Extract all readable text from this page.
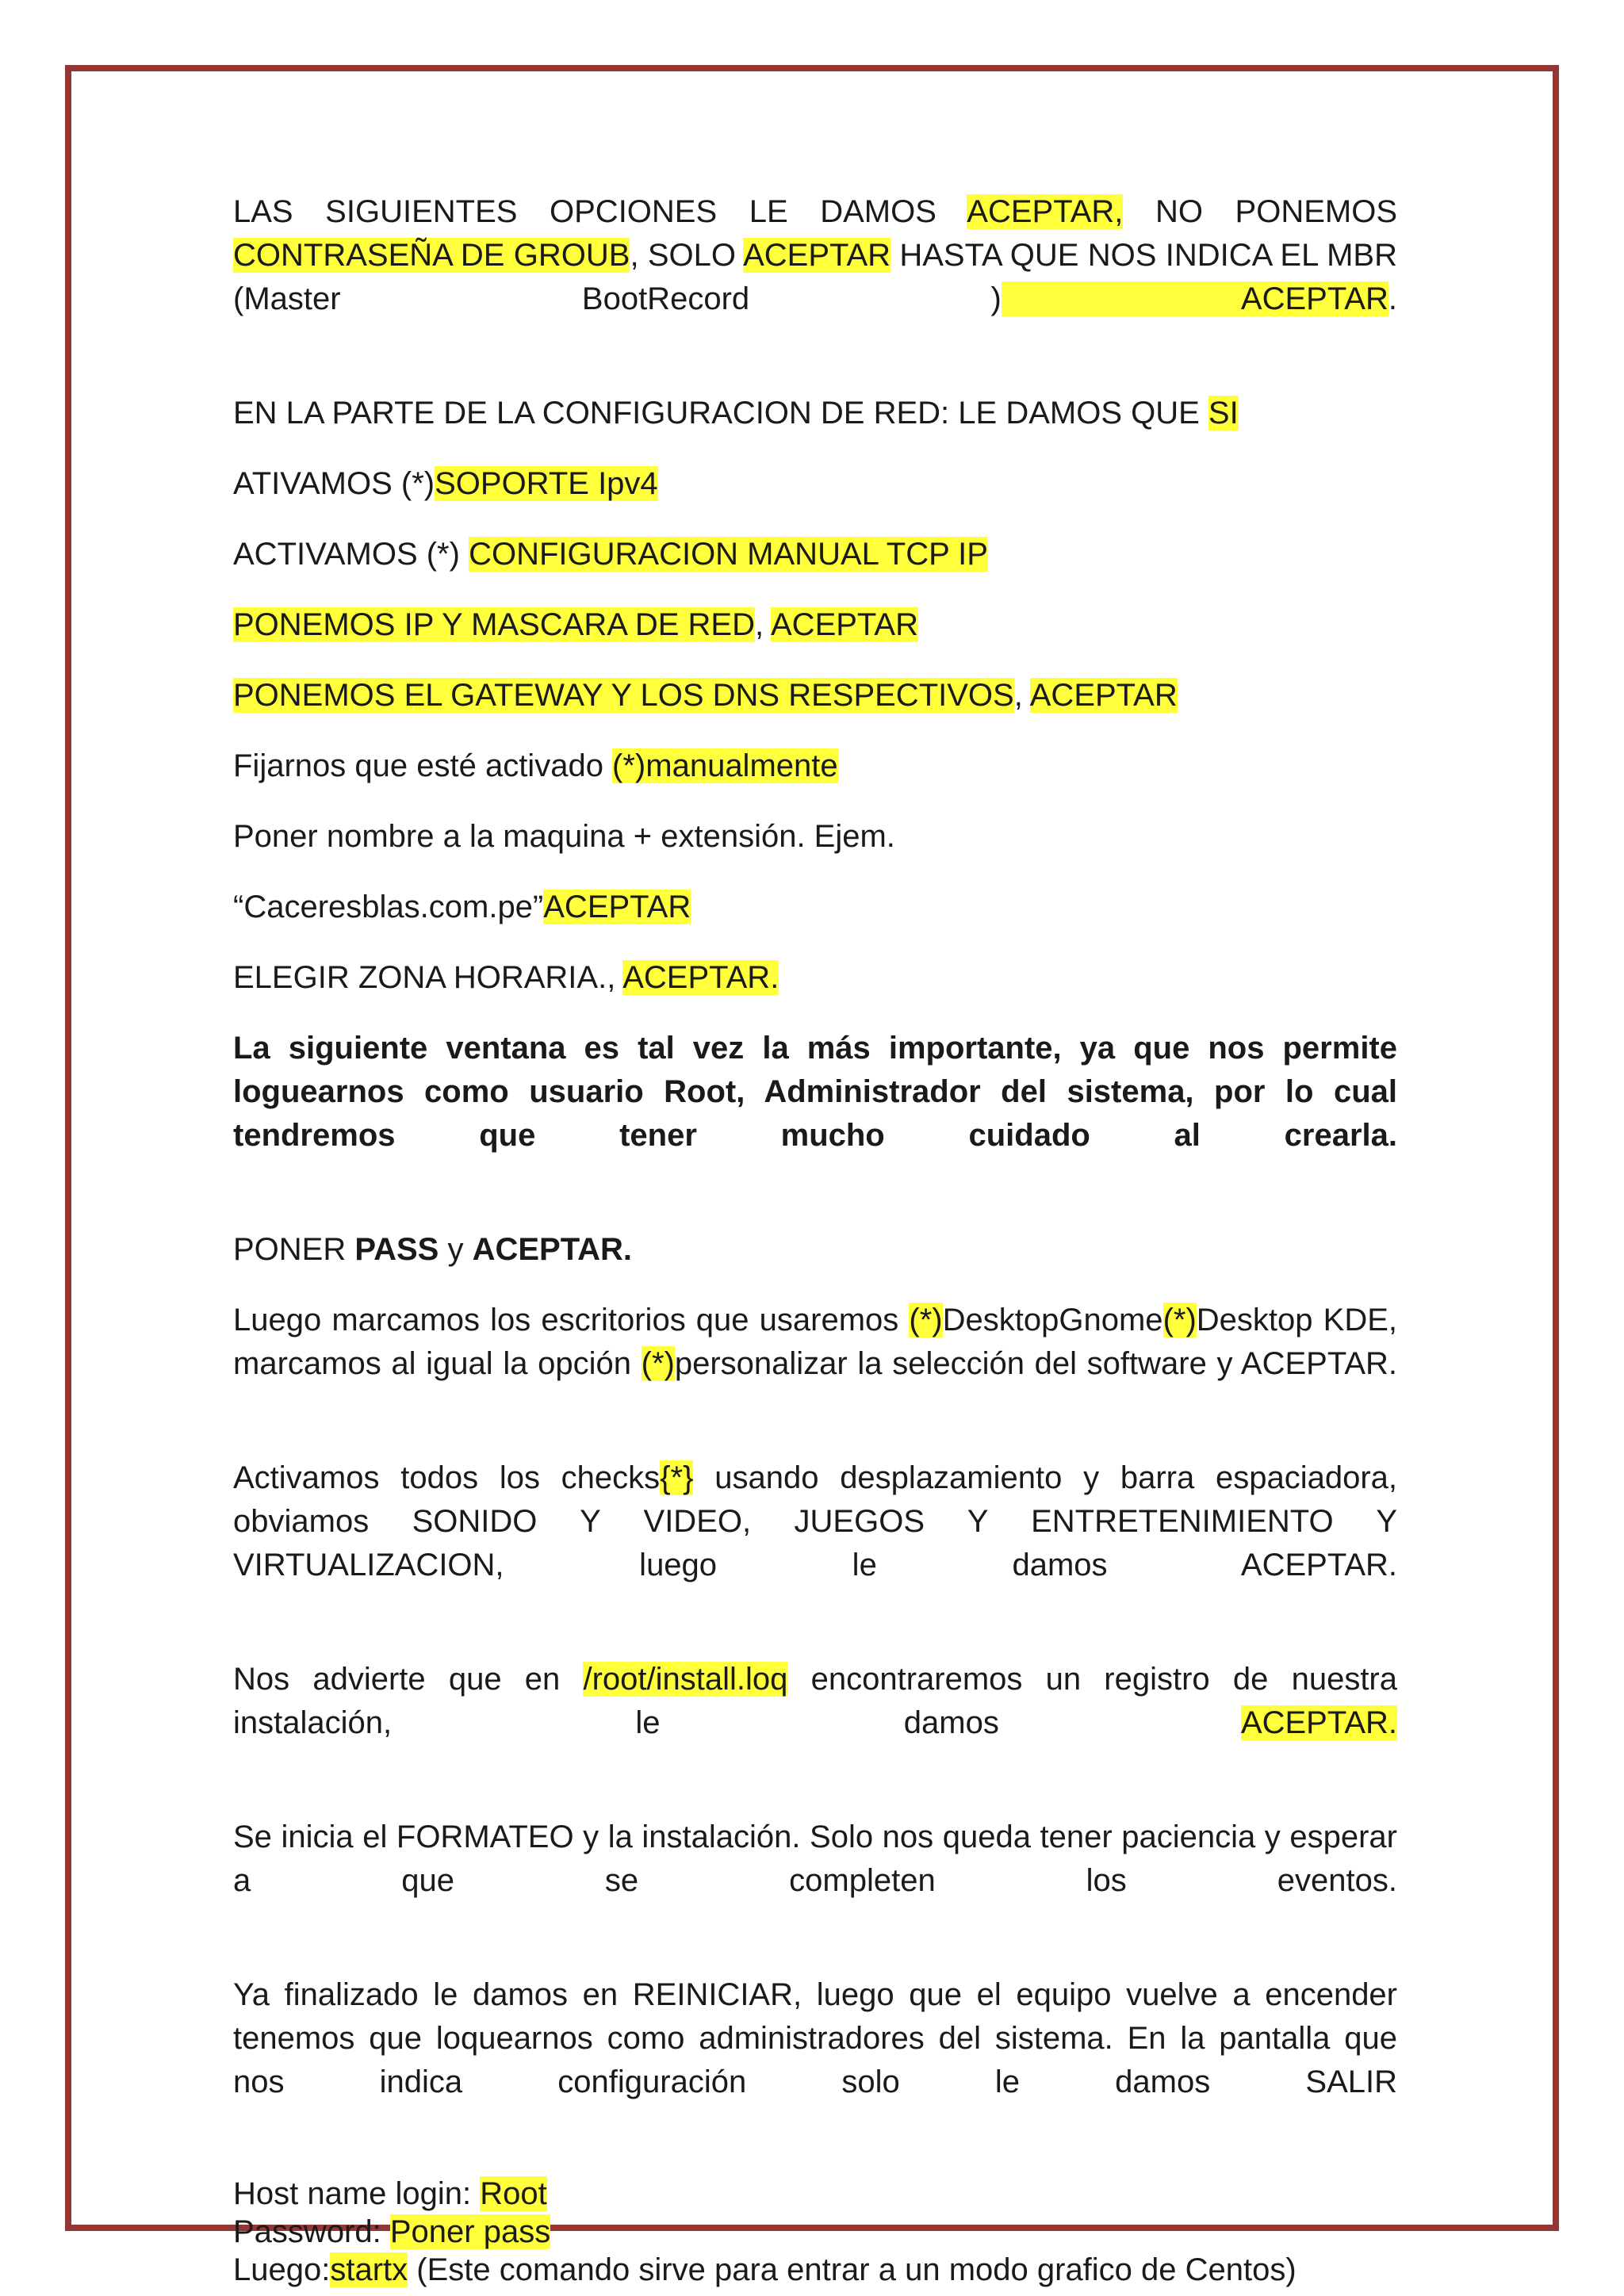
LAS SIGUIENTES OPCIONES LE DAMOS ACEPTAR, NO PONEMOS CONTRASEÑA DE GROUB, SOLO ACEPTAR HASTA QUE NOS INDICA EL MBR (Master BootRecord ) ACEPTAR.

EN LA PARTE DE LA CONFIGURACION DE RED: LE DAMOS QUE SI

ATIVAMOS (*)SOPORTE Ipv4

ACTIVAMOS (*) CONFIGURACION MANUAL TCP IP

PONEMOS IP Y MASCARA DE RED, ACEPTAR

PONEMOS EL GATEWAY Y LOS DNS RESPECTIVOS, ACEPTAR

Fijarnos que esté activado (*)manualmente

Poner nombre a la maquina + extensión. Ejem.

“Caceresblas.com.pe”ACEPTAR

ELEGIR ZONA HORARIA., ACEPTAR.

La siguiente ventana es tal vez la más importante, ya que nos permite loguearnos como usuario Root, Administrador del sistema, por lo cual tendremos que tener mucho cuidado al crearla.

PONER PASS y ACEPTAR.

Luego marcamos los escritorios que usaremos (*)DesktopGnome(*)Desktop KDE, marcamos al igual la opción (*)personalizar la selección del software y ACEPTAR.

Activamos todos los checks{*} usando desplazamiento y barra espaciadora, obviamos SONIDO Y VIDEO, JUEGOS Y ENTRETENIMIENTO Y VIRTUALIZACION, luego le damos ACEPTAR.

Nos advierte que en /root/install.loq encontraremos un registro de nuestra instalación, le damos ACEPTAR.

Se inicia el FORMATEO y la instalación. Solo nos queda tener paciencia y esperar a que se completen los eventos.

Ya finalizado le damos en REINICIAR, luego que el equipo vuelve a encender tenemos que loquearnos como administradores del sistema. En la pantalla que nos indica configuración solo le damos SALIR

Host name login: Root
Password: Poner pass
Luego:startx (Este comando sirve para entrar a un modo grafico de Centos)
